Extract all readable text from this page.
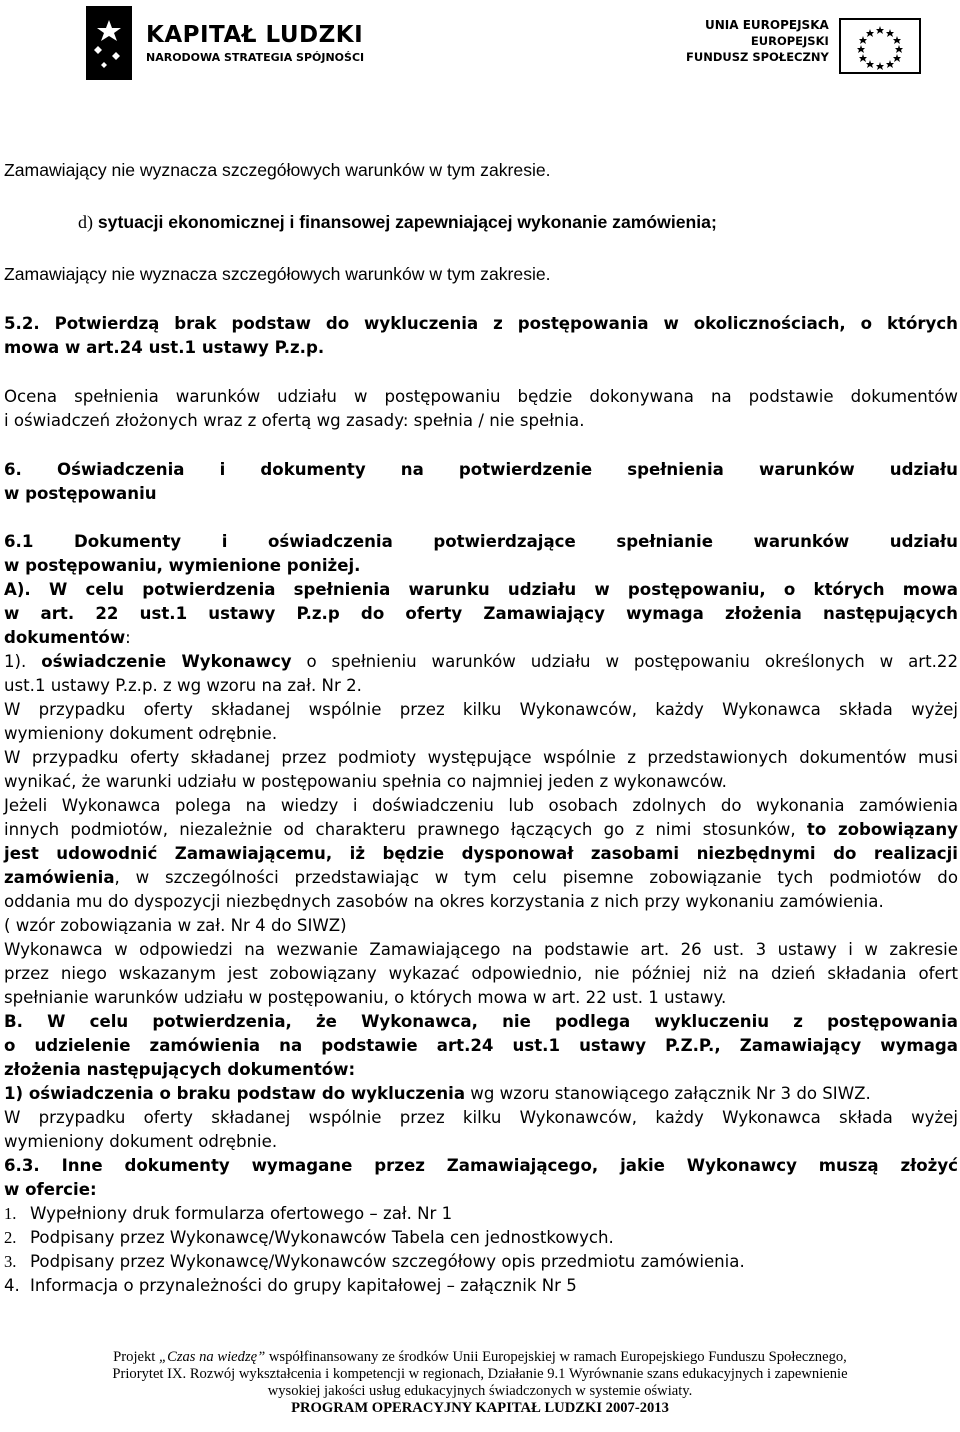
KAPITAŁ LUDZKI
NARODOWA STRATEGIA SPÓJNOŚCI
UNIA EUROPEJSKA
EUROPEJSKI
FUNDUSZ SPOŁECZNY

Zamawiający nie wyznacza szczegółowych warunków w tym zakresie.

d) sytuacji ekonomicznej i finansowej zapewniającej wykonanie zamówienia;

Zamawiający nie wyznacza szczegółowych warunków w tym zakresie.

5.2. Potwierdzą brak podstaw do wykluczenia z postępowania w okolicznościach, o których

mowa w art.24 ust.1 ustawy P.z.p.

Ocena spełnienia warunków udziału w postępowaniu będzie dokonywana na podstawie dokumentów

i oświadczeń złożonych wraz z ofertą wg zasady: spełnia / nie spełnia.

6. Oświadczenia i dokumenty na potwierdzenie spełnienia warunków udziału

w postępowaniu

6.1 Dokumenty i oświadczenia potwierdzające spełnianie warunków udziału

w postępowaniu, wymienione poniżej.

A). W celu potwierdzenia spełnienia warunku udziału w postępowaniu, o których mowa

w art. 22 ust.1 ustawy P.z.p do oferty Zamawiający wymaga złożenia następujących

dokumentów:

1). oświadczenie Wykonawcy o spełnieniu warunków udziału w postępowaniu określonych w art.22

ust.1 ustawy P.z.p. z wg wzoru na zał. Nr 2.

W przypadku oferty składanej wspólnie przez kilku Wykonawców, każdy Wykonawca składa wyżej

wymieniony dokument odrębnie.

W przypadku oferty składanej przez podmioty występujące wspólnie z przedstawionych dokumentów musi

wynikać, że warunki udziału w postępowaniu spełnia co najmniej jeden z wykonawców.

Jeżeli Wykonawca polega na wiedzy i doświadczeniu lub osobach zdolnych do wykonania zamówienia

innych podmiotów, niezależnie od charakteru prawnego łączących go z nimi stosunków, to zobowiązany

jest udowodnić Zamawiającemu, iż będzie dysponował zasobami niezbędnymi do realizacji

zamówienia, w szczególności przedstawiając w tym celu pisemne zobowiązanie tych podmiotów do

oddania mu do dyspozycji niezbędnych zasobów na okres korzystania z nich przy wykonaniu zamówienia.

( wzór zobowiązania w zał. Nr 4 do SIWZ)

Wykonawca w odpowiedzi na wezwanie Zamawiającego na podstawie art. 26 ust. 3 ustawy i w zakresie

przez niego wskazanym jest zobowiązany wykazać odpowiednio, nie później niż na dzień składania ofert

spełnianie warunków udziału w postępowaniu, o których mowa w art. 22 ust. 1 ustawy.

B. W celu potwierdzenia, że Wykonawca, nie podlega wykluczeniu z postępowania

o udzielenie zamówienia na podstawie art.24 ust.1 ustawy P.Z.P., Zamawiający wymaga

złożenia następujących dokumentów:

1) oświadczenia o braku podstaw do wykluczenia wg wzoru stanowiącego załącznik Nr 3 do SIWZ.

W przypadku oferty składanej wspólnie przez kilku Wykonawców, każdy Wykonawca składa wyżej

wymieniony dokument odrębnie.

6.3. Inne dokumenty wymagane przez Zamawiającego, jakie Wykonawcy muszą złożyć

w ofercie:

1. Wypełniony druk formularza ofertowego – zał. Nr 1

2. Podpisany przez Wykonawcę/Wykonawców Tabela cen jednostkowych.

3. Podpisany przez Wykonawcę/Wykonawców szczegółowy opis przedmiotu zamówienia.

4. Informacja o przynależności do grupy kapitałowej – załącznik Nr 5

Projekt „Czas na wiedzę” współfinansowany ze środków Unii Europejskiej w ramach Europejskiego Funduszu Społecznego,
Priorytet IX. Rozwój wykształcenia i kompetencji w regionach, Działanie 9.1 Wyrównanie szans edukacyjnych i zapewnienie
wysokiej jakości usług edukacyjnych świadczonych w systemie oświaty.
PROGRAM OPERACYJNY KAPITAŁ LUDZKI 2007-2013
